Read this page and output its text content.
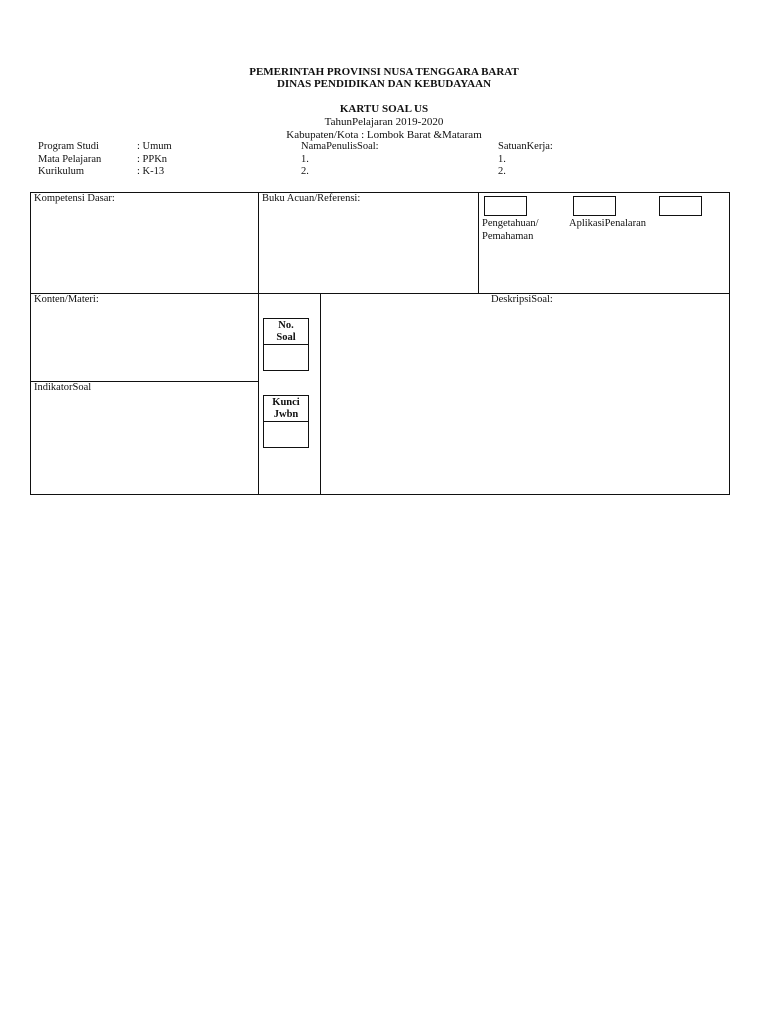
PEMERINTAH PROVINSI NUSA TENGGARA BARAT
DINAS PENDIDIKAN DAN KEBUDAYAAN
KARTU SOAL US
TahunPelajaran 2019-2020
Kabupaten/Kota : Lombok Barat &Mataram
Program Studi	: Umum
Mata Pelajaran	: PPKn
Kurikulum	: K-13
NamaPenulisSoal:
1.
2.
SatuanKerja:
1.
2.
Kompetensi Dasar:	Buku Acuan/Referensi:
Pengetahuan/
Pemahaman
AplikasiPenalaran
Konten/Materi:
IndikatorSoal
DeskripsiSoal:
No.
Soal
Kunci
Jwbn
